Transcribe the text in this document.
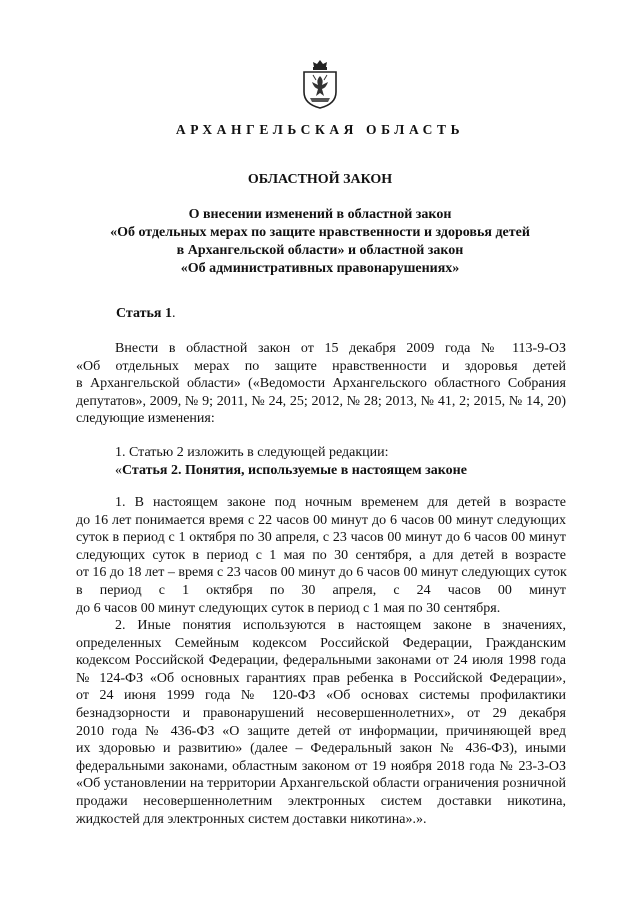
АРХАНГЕЛЬСКАЯ ОБЛАСТЬ
ОБЛАСТНОЙ ЗАКОН
О внесении изменений в областной закон
«Об отдельных мерах по защите нравственности и здоровья детей
в Архангельской области» и областной закон
«Об административных правонарушениях»
Статья 1.
Внести в областной закон от 15 декабря 2009 года № 113-9-ОЗ
«Об отдельных мерах по защите нравственности и здоровья детей
в Архангельской области» («Ведомости Архангельского областного Собрания
депутатов», 2009, № 9; 2011, № 24, 25; 2012, № 28; 2013, № 41, 2; 2015, № 14, 20)
следующие изменения:
1. Статью 2 изложить в следующей редакции:
«Статья 2. Понятия, используемые в настоящем законе
1. В настоящем законе под ночным временем для детей в возрасте
до 16 лет понимается время с 22 часов 00 минут до 6 часов 00 минут следующих
суток в период с 1 октября по 30 апреля, с 23 часов 00 минут до 6 часов 00 минут
следующих суток в период с 1 мая по 30 сентября, а для детей в возрасте
от 16 до 18 лет – время с 23 часов 00 минут до 6 часов 00 минут следующих суток
в период с 1 октября по 30 апреля, с 24 часов 00 минут
до 6 часов 00 минут следующих суток в период с 1 мая по 30 сентября.
2. Иные понятия используются в настоящем законе в значениях,
определенных Семейным кодексом Российской Федерации, Гражданским
кодексом Российской Федерации, федеральными законами от 24 июля 1998 года
№ 124-ФЗ «Об основных гарантиях прав ребенка в Российской Федерации»,
от 24 июня 1999 года № 120-ФЗ «Об основах системы профилактики
безнадзорности и правонарушений несовершеннолетних», от 29 декабря
2010 года № 436-ФЗ «О защите детей от информации, причиняющей вред
их здоровью и развитию» (далее – Федеральный закон № 436-ФЗ), иными
федеральными законами, областным законом от 19 ноября 2018 года № 23-3-ОЗ
«Об установлении на территории Архангельской области ограничения розничной
продажи несовершеннолетним электронных систем доставки никотина,
жидкостей для электронных систем доставки никотина».».
